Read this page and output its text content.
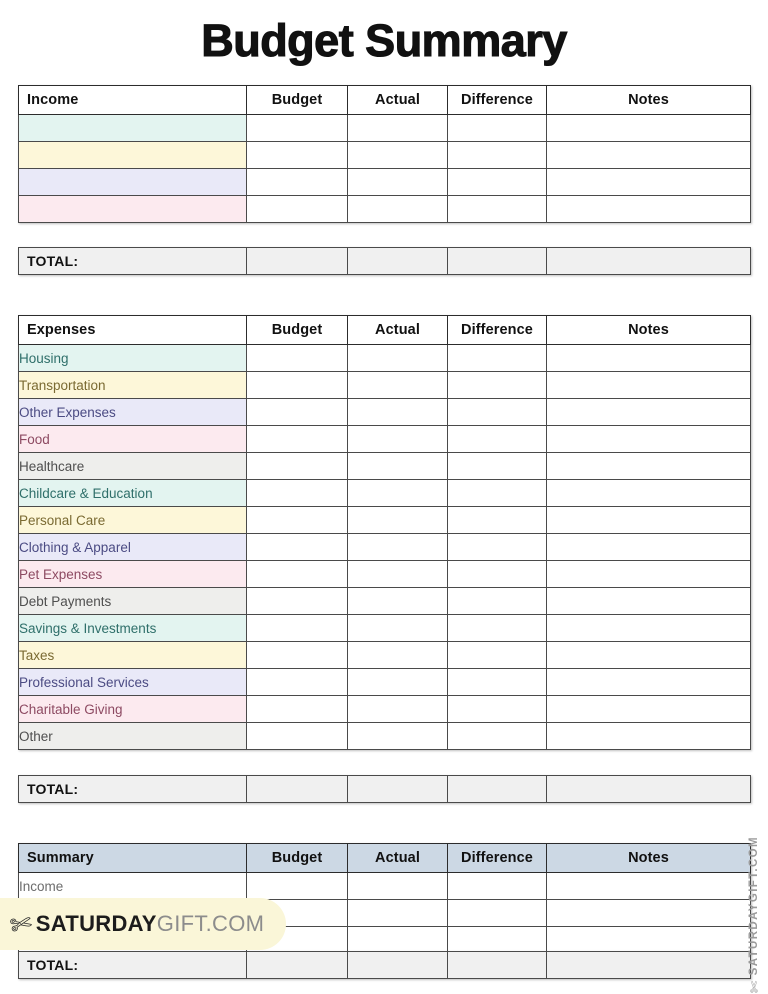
Budget Summary
Income	Budget	Actual	Difference	Notes

TOTAL:				
Expenses	Budget	Actual	Difference	Notes
Housing				
Transportation				
Other Expenses				
Food				
Healthcare				
Childcare & Education				
Personal Care				
Clothing & Apparel				
Pet Expenses				
Debt Payments				
Savings & Investments				
Taxes				
Professional Services				
Charitable Giving				
Other				
TOTAL:				
Summary	Budget	Actual	Difference	Notes
Income				

TOTAL:				
✄ SATURDAYGIFT.COM	SATURDAYGIFT.COM
✄
